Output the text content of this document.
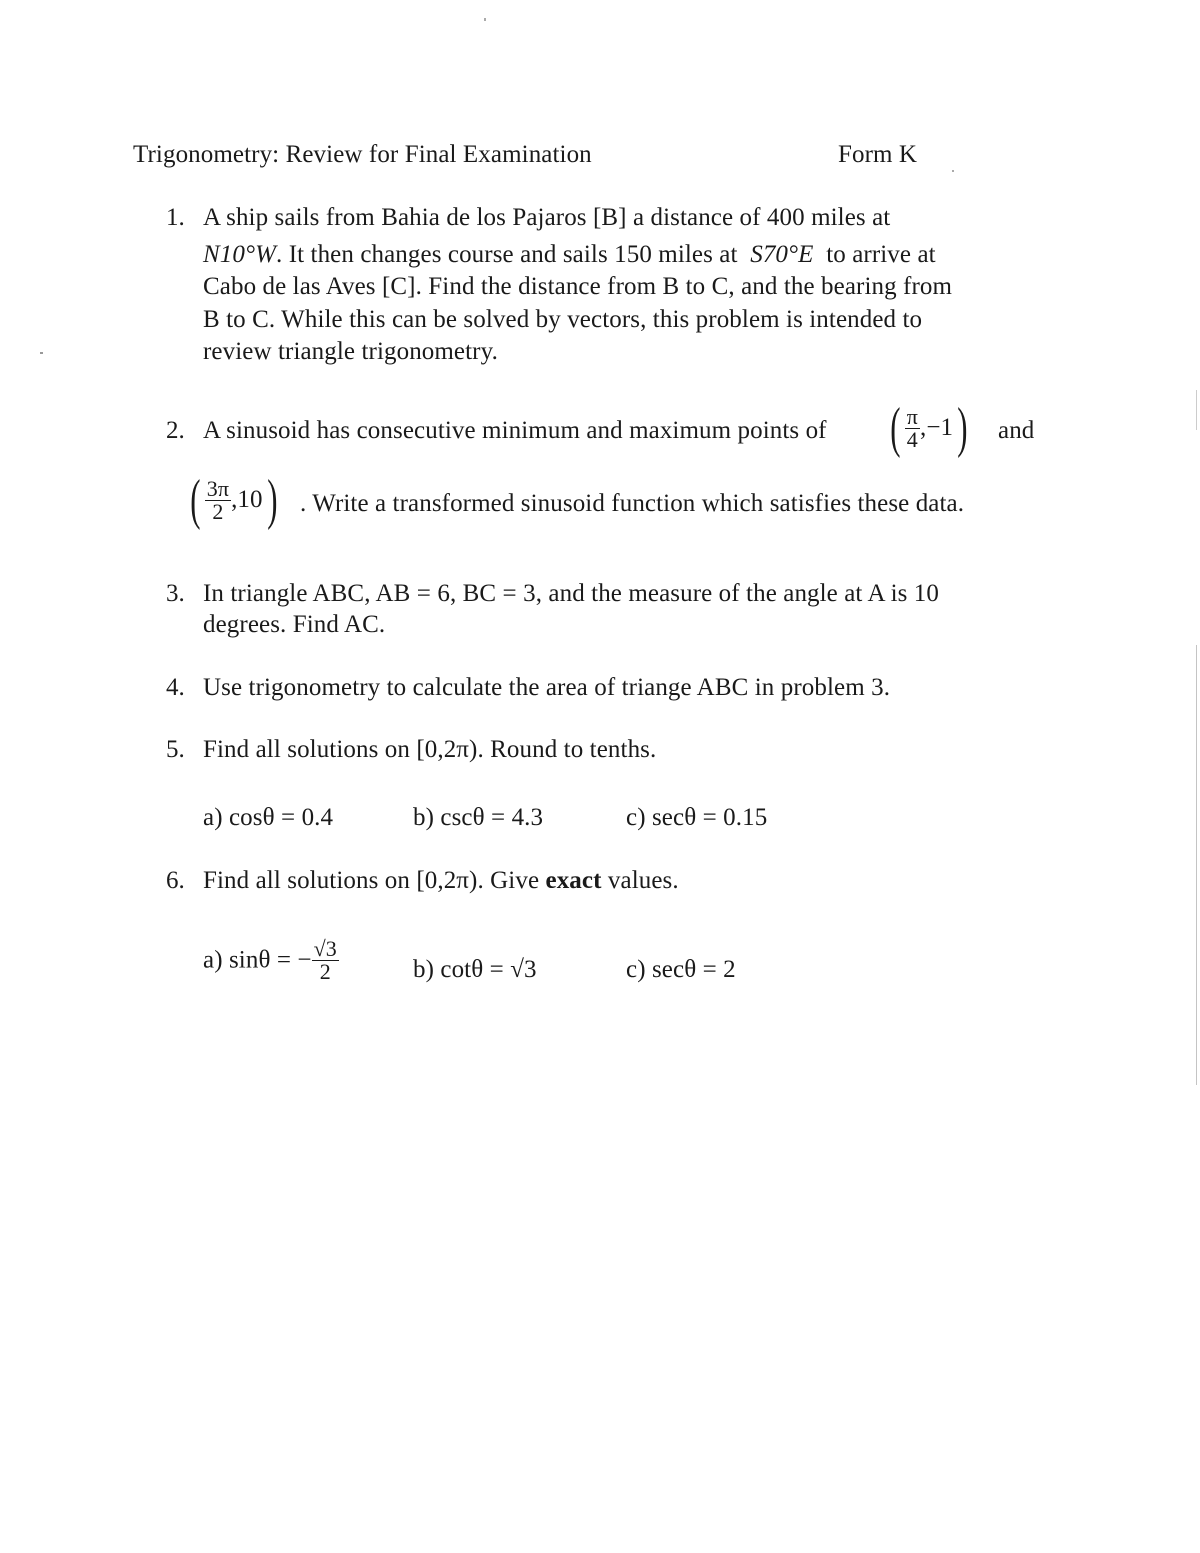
Trigonometry: Review for Final Examination	Form K
1. A ship sails from Bahia de los Pajaros [B] a distance of 400 miles at
N10°W. It then changes course and sails 150 miles at S70°E to arrive at
Cabo de las Aves [C]. Find the distance from B to C, and the bearing from
B to C. While this can be solved by vectors, this problem is intended to
review triangle trigonometry.
2. A sinusoid has consecutive minimum and maximum points of ( $\frac{\pi}{4} ,-1$) and
( $\frac{3\pi}{2} ,10$) . Write a transformed sinusoid function which satisfies these data.
3. In triangle ABC, AB = 6, BC = 3, and the measure of the angle at A is 10
degrees. Find AC.
4. Use trigonometry to calculate the area of triange ABC in problem 3.
5. Find all solutions on [0,2π). Round to tenths.
a) cosθ = 0.4	b) cscθ = 4.3	c) secθ = 0.15
6. Find all solutions on [0,2π). Give exact values.
a) sinθ = − $\frac{√3}{2}$	b) cotθ = √3	c) secθ = 2
